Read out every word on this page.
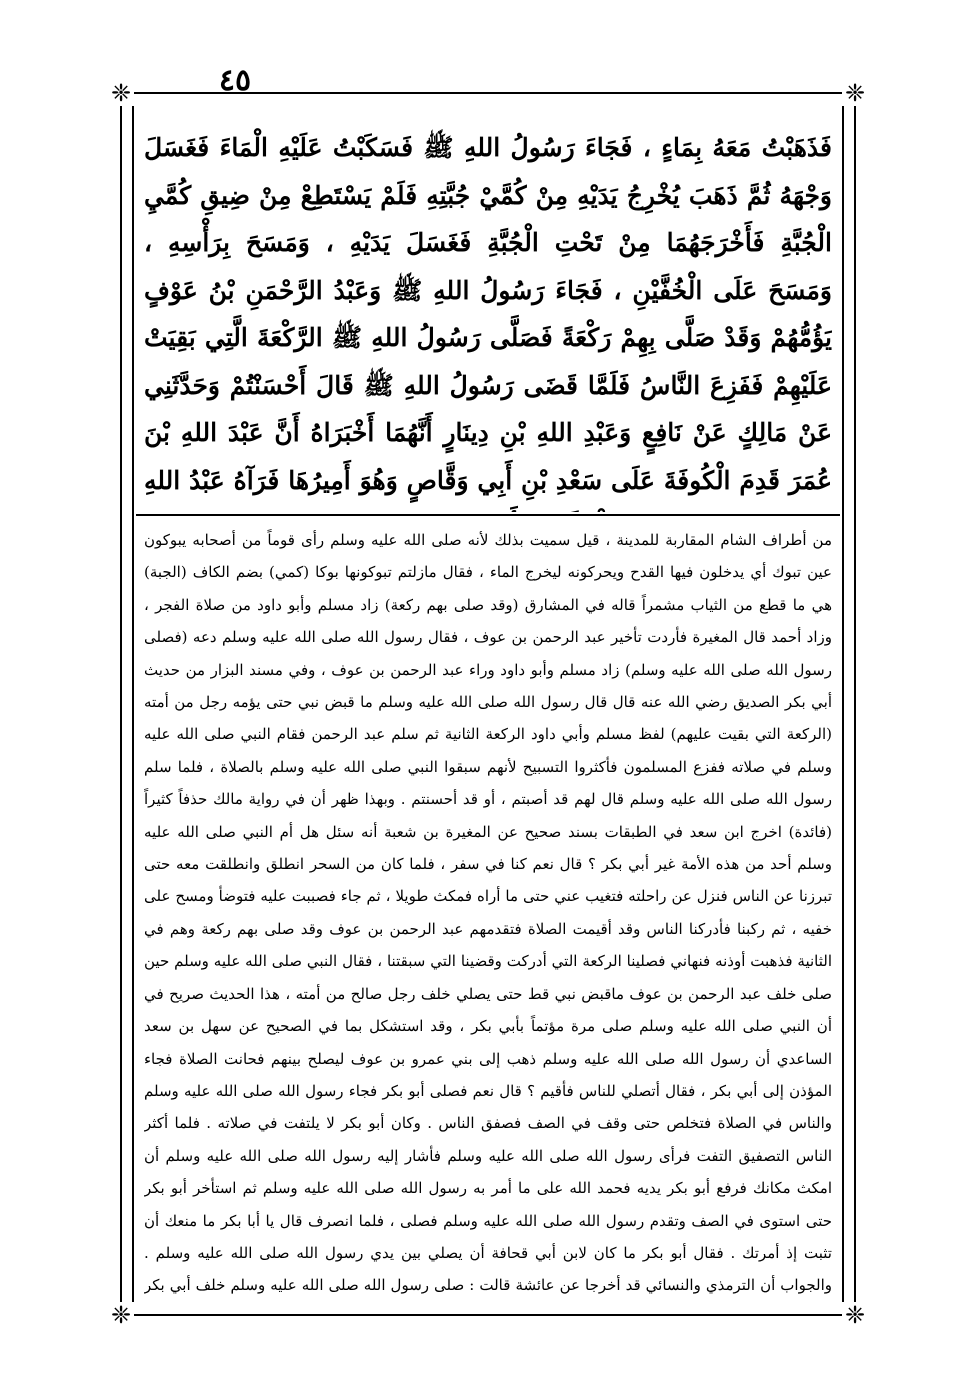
٤٥
❈	❈
❈	❈

فَذَهَبْتُ مَعَهُ بِمَاءٍ ، فَجَاءَ رَسُولُ اللهِ ﷺ فَسَكَبْتُ عَلَيْهِ الْمَاءَ فَغَسَلَ وَجْهَهُ ثُمَّ ذَهَبَ يُخْرِجُ يَدَيْهِ مِنْ كُمَّيْ جُبَّتِهِ فَلَمْ يَسْتَطِعْ مِنْ ضِيقِ كُمَّيِ الْجُبَّةِ فَأَخْرَجَهُمَا مِنْ تَحْتِ الْجُبَّةِ فَغَسَلَ يَدَيْهِ ، وَمَسَحَ بِرَأْسِهِ ، وَمَسَحَ عَلَى الْخُفَّيْنِ ، فَجَاءَ رَسُولُ اللهِ ﷺ وَعَبْدُ الرَّحْمَنِ بْنُ عَوْفٍ يَؤُمُّهُمْ وَقَدْ صَلَّى بِهِمْ رَكْعَةً فَصَلَّى رَسُولُ اللهِ ﷺ الرَّكْعَةَ الَّتِي بَقِيَتْ عَلَيْهِمْ فَفَزِعَ النَّاسُ فَلَمَّا قَضَى رَسُولُ اللهِ ﷺ قَالَ أَحْسَنْتُمْ وَحَدَّثَنِي عَنْ مَالِكٍ عَنْ نَافِعٍ وَعَبْدِ اللهِ بْنِ دِينَارٍ أَنَّهُمَا أَخْبَرَاهُ أَنَّ عَبْدَ اللهِ بْنَ عُمَرَ قَدِمَ الْكُوفَةَ عَلَى سَعْدِ بْنِ أَبِي وَقَّاصٍ وَهُوَ أَمِيرُهَا فَرَآهُ عَبْدُ اللهِ

من أطراف الشام المقاربة للمدينة ، قيل سميت بذلك لأنه صلى الله عليه وسلم رأى قوماً من أصحابه يبوكون عين تبوك أي يدخلون فيها القدح ويحركونه ليخرج الماء ، فقال مازلتم تبوكونها بوكا (كمي) بضم الكاف (الجبة) هي ما قطع من الثياب مشمراً قاله في المشارق (وقد صلى بهم ركعة) زاد مسلم وأبو داود من صلاة الفجر ، وزاد أحمد قال المغيرة فأردت تأخير عبد الرحمن بن عوف ، فقال رسول الله صلى الله عليه وسلم دعه (فصلى رسول الله صلى الله عليه وسلم) زاد مسلم وأبو داود وراء عبد الرحمن بن عوف ، وفي مسند البزار من حديث أبي بكر الصديق رضي الله عنه قال قال رسول الله صلى الله عليه وسلم ما قبض نبي حتى يؤمه رجل من أمته (الركعة التي بقيت عليهم) لفظ مسلم وأبي داود الركعة الثانية ثم سلم عبد الرحمن فقام النبي صلى الله عليه وسلم في صلاته ففزع المسلمون فأكثروا التسبيح لأنهم سبقوا النبي صلى الله عليه وسلم بالصلاة ، فلما سلم رسول الله صلى الله عليه وسلم قال لهم قد أصبتم ، أو قد أحسنتم . وبهذا ظهر أن في رواية مالك حذفاً كثيراً (فائدة) اخرج ابن سعد في الطبقات بسند صحيح عن المغيرة بن شعبة أنه سئل هل أم النبي صلى الله عليه وسلم أحد من هذه الأمة غير أبي بكر ؟ قال نعم كنا في سفر ، فلما كان من السحر انطلق وانطلقت معه حتى تبرزنا عن الناس فنزل عن راحلته فتغيب عني حتى ما أراه فمكث طويلا ، ثم جاء فصببت عليه فتوضأ ومسح على خفيه ، ثم ركبنا فأدركنا الناس وقد أقيمت الصلاة فتقدمهم عبد الرحمن بن عوف وقد صلى بهم ركعة وهم في الثانية فذهبت أوذنه فنهاني فصلينا الركعة التي أدركت وقضينا التي سبقتنا ، فقال النبي صلى الله عليه وسلم حين صلى خلف عبد الرحمن بن عوف ماقبض نبي قط حتى يصلي خلف رجل صالح من أمته ، هذا الحديث صريح في أن النبي صلى الله عليه وسلم صلى مرة مؤتماً بأبي بكر ، وقد استشكل بما في الصحيح عن سهل بن سعد الساعدي أن رسول الله صلى الله عليه وسلم ذهب إلى بني عمرو بن عوف ليصلح بينهم فحانت الصلاة فجاء المؤذن إلى أبي بكر ، فقال أتصلي للناس فأقيم ؟ قال نعم فصلى أبو بكر فجاء رسول الله صلى الله عليه وسلم والناس في الصلاة فتخلص حتى وقف في الصف فصفق الناس . وكان أبو بكر لا يلتفت في صلاته . فلما أكثر الناس التصفيق التفت فرأى رسول الله صلى الله عليه وسلم فأشار إليه رسول الله صلى الله عليه وسلم أن امكث مكانك فرفع أبو بكر يديه فحمد الله على ما أمر به رسول الله صلى الله عليه وسلم ثم استأخر أبو بكر حتى استوى في الصف وتقدم رسول الله صلى الله عليه وسلم فصلى ، فلما انصرف قال يا أبا بكر ما منعك أن تثبت إذ أمرتك . فقال أبو بكر ما كان لابن أبي قحافة أن يصلي بين يدي رسول الله صلى الله عليه وسلم . والجواب أن الترمذي والنسائي قد أخرجا عن عائشة قالت : صلى رسول الله صلى الله عليه وسلم خلف أبي بكر
